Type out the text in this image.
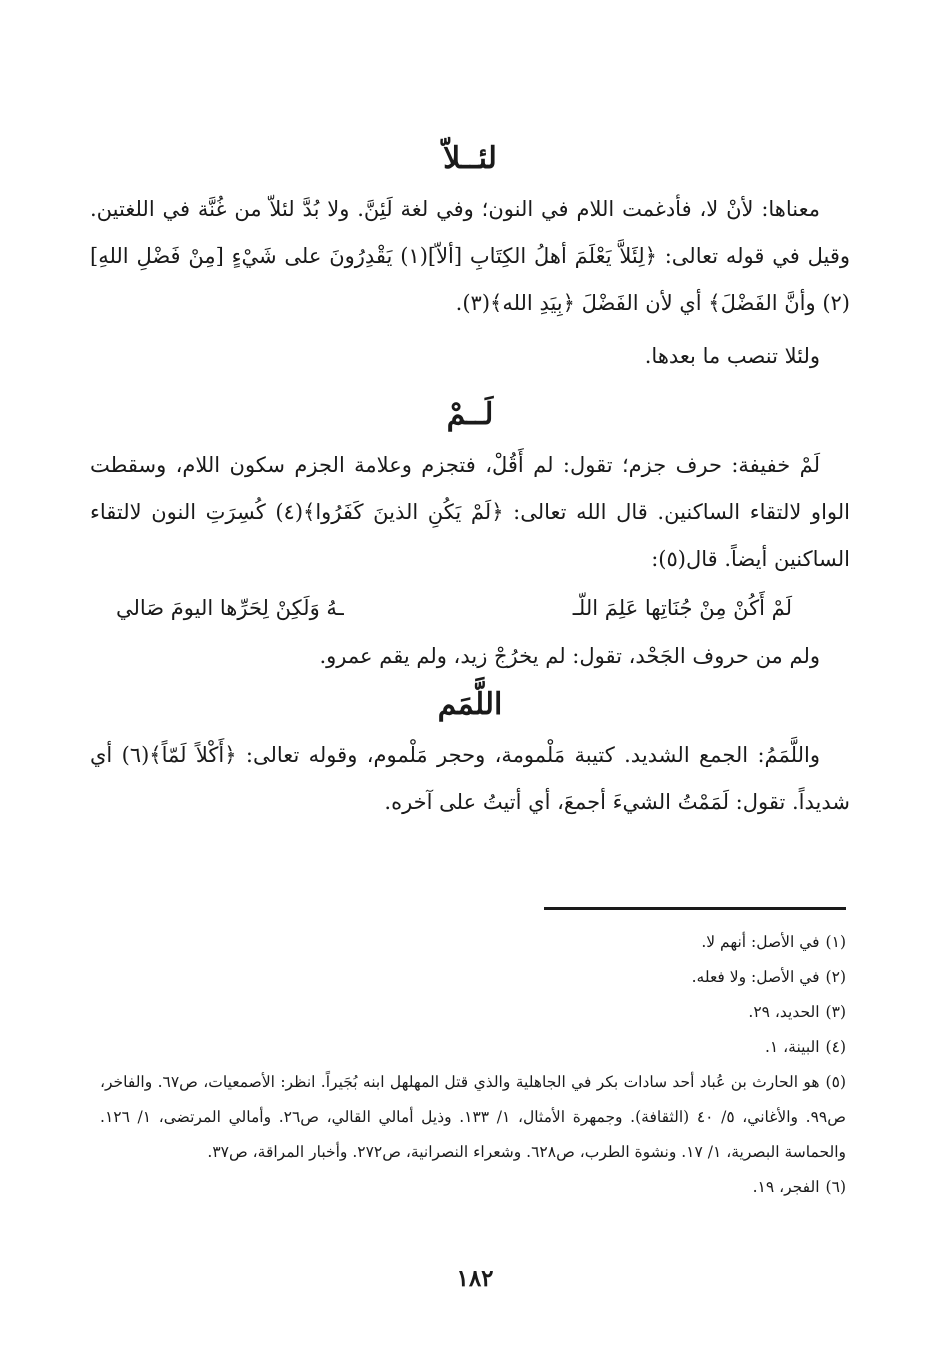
لئــلاّ

معناها: لأنْ لا، فأدغمت اللام في النون؛ وفي لغة لَئِنَّ. ولا بُدَّ لئلاّ من غُنَّة في اللغتين. وقيل في قوله تعالى: ﴿لِئَلاَّ يَعْلَمَ أهلُ الكِتَابِ [ألاّ](١) يَقْدِرُونَ على شَيْءٍ [مِنْ فَضْلِ اللهِ](٢) وأنَّ الفَضْلَ﴾ أي لأن الفَضْلَ ﴿بِيَدِ الله﴾(٣).

ولئلا تنصب ما بعدها.

لَــمْ

لَمْ خفيفة: حرف جزم؛ تقول: لم أَقُلْ، فتجزم وعلامة الجزم سكون اللام، وسقطت الواو لالتقاء الساكنين. قال الله تعالى: ﴿لَمْ يَكُنِ الذينَ كَفَرُوا﴾(٤) كُسِرَتِ النون لالتقاء الساكنين أيضاً. قال(٥):

لَمْ أَكُنْ مِنْ جُنَاتِها عَلِمَ اللّـ
ـهُ وَلَكِنْ لِحَرِّها اليومَ صَالي

ولم من حروف الجَحْد، تقول: لم يخرُجْ زيد، ولم يقم عمرو.

اللَّمَم

واللَّمَمُ: الجمع الشديد. كتيبة مَلْمومة، وحجر مَلْموم، وقوله تعالى: ﴿أَكْلاً لَمّاً﴾(٦) أي شديداً. تقول: لَمَمْتُ الشيءَ أجمعَ، أي أتيتُ على آخره.

(١)في الأصل: أنهم لا.

(٢)في الأصل: ولا فعله.

(٣)الحديد، ٢٩.

(٤)البينة، ١.

(٥)هو الحارث بن عُباد أحد سادات بكر في الجاهلية والذي قتل المهلهل ابنه بُجَيراً. انظر: الأصمعيات، ص٦٧. والفاخر، ص٩٩. والأغاني، ٥/ ٤٠ (الثقافة). وجمهرة الأمثال، ١/ ١٣٣. وذيل أمالي القالي، ص٢٦. وأمالي المرتضى، ١/ ١٢٦. والحماسة البصرية، ١/ ١٧. ونشوة الطرب، ص٦٢٨. وشعراء النصرانية، ص٢٧٢. وأخبار المراقة، ص٣٧.

(٦)الفجر، ١٩.

١٨٢
